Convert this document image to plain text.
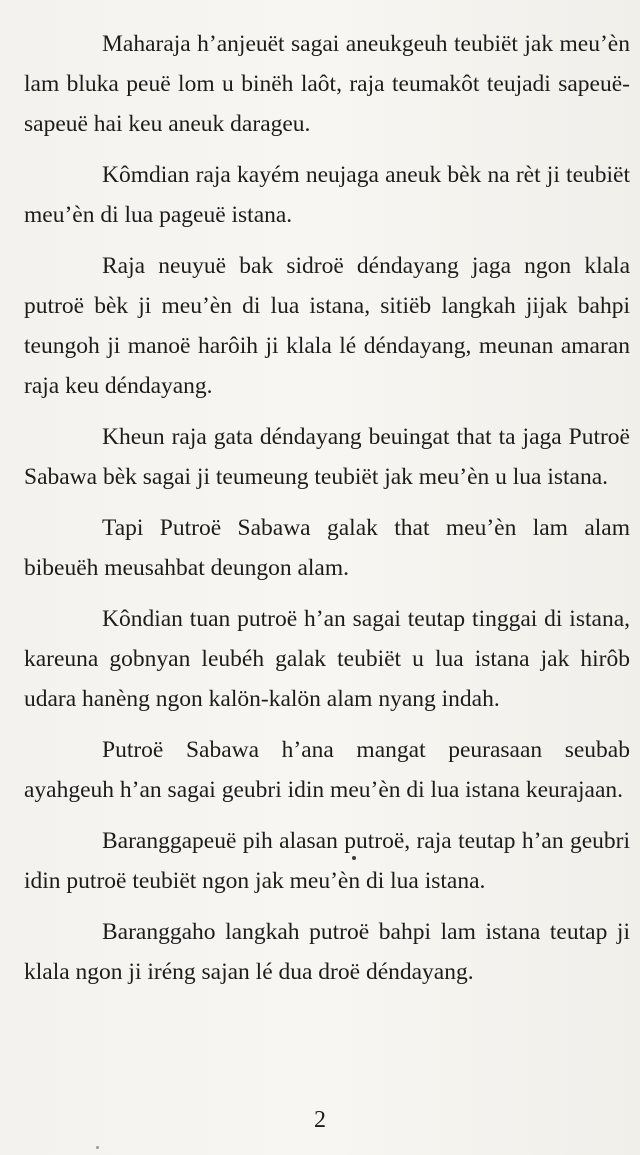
Maharaja h’anjeuët sagai aneukgeuh teubiët jak meu’èn lam bluka peuë lom u binëh laôt, raja teumakôt teujadi sapeuë-sapeuë hai keu aneuk darageu.

Kômdian raja kayém neujaga aneuk bèk na rèt ji teubiët meu’èn di lua pageuë istana.

Raja neuyuë bak sidroë déndayang jaga ngon klala putroë bèk ji meu’èn di lua istana, sitiëb langkah jijak bahpi teungoh ji manoë harôih ji klala lé déndayang, meunan amaran raja keu déndayang.

Kheun raja gata déndayang beuingat that ta jaga Putroë Sabawa bèk sagai ji teumeung teubiët jak meu’èn u lua istana.

Tapi Putroë Sabawa galak that meu’èn lam alam bibeuëh meusahbat deungon alam.

Kôndian tuan putroë h’an sagai teutap tinggai di istana, kareuna gobnyan leubéh galak teubiët u lua istana jak hirôb udara hanèng ngon kalön-kalön alam nyang indah.

Putroë Sabawa h’ana mangat peurasaan seubab ayahgeuh h’an sagai geubri idin meu’èn di lua istana keurajaan.

Baranggapeuë pih alasan putroë, raja teutap h’an geubri idin putroë teubiët ngon jak meu’èn di lua istana.

Baranggaho langkah putroë bahpi lam istana teutap ji klala ngon ji iréng sajan lé dua droë déndayang.

2
